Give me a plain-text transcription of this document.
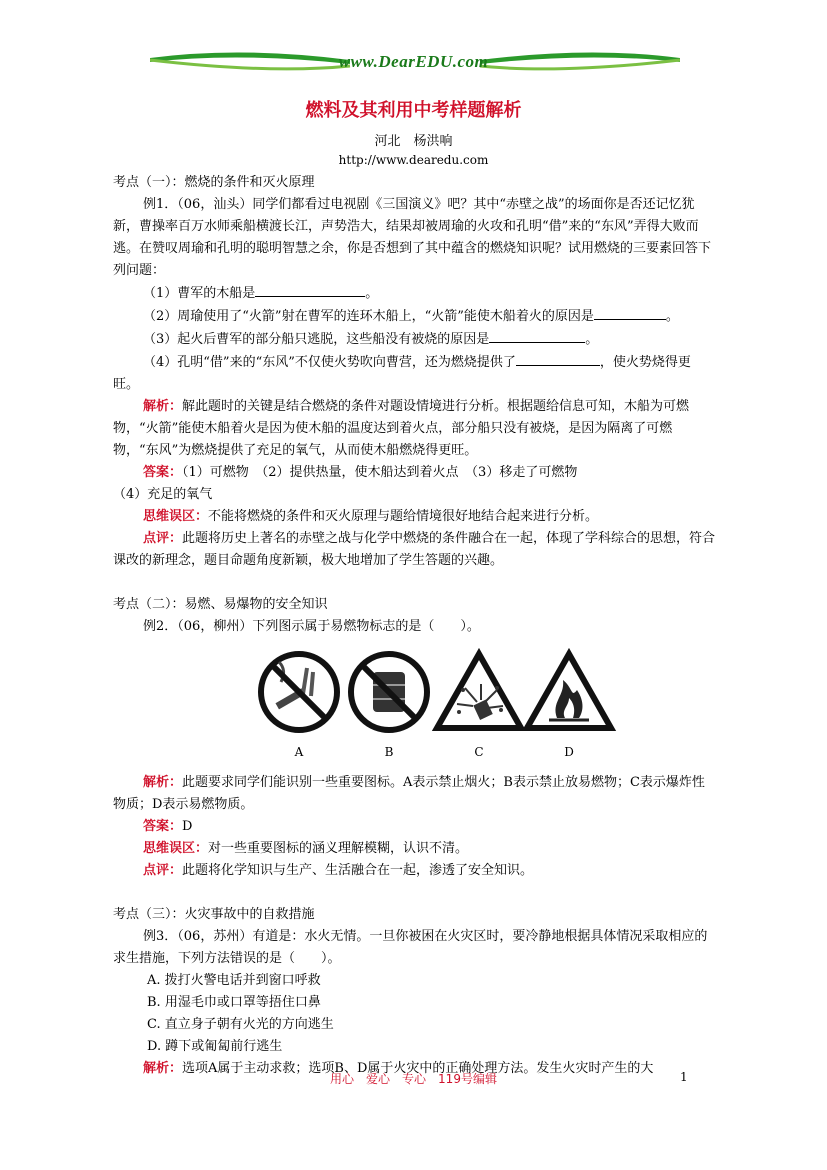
www.DearEDU.com
燃料及其利用中考样题解析
河北　杨洪响
http://www.dearedu.com

考点（一）：燃烧的条件和灭火原理

例1．（06，汕头）同学们都看过电视剧《三国演义》吧？其中“赤壁之战”的场面你是否还记忆犹新，曹操率百万水师乘船横渡长江，声势浩大，结果却被周瑜的火攻和孔明“借”来的“东风”弄得大败而逃。在赞叹周瑜和孔明的聪明智慧之余，你是否想到了其中蕴含的燃烧知识呢？试用燃烧的三要素回答下列问题：

（1）曹军的木船是	。

（2）周瑜使用了“火箭”射在曹军的连环木船上，“火箭”能使木船着火的原因是	。

（3）起火后曹军的部分船只逃脱，这些船没有被烧的原因是	。

（4）孔明“借”来的“东风”不仅使火势吹向曹营，还为燃烧提供了	，使火势烧得更旺。

解析：解此题时的关键是结合燃烧的条件对题设情境进行分析。根据题给信息可知，木船为可燃物，“火箭”能使木船着火是因为使木船的温度达到着火点，部分船只没有被烧，是因为隔离了可燃物，“东风”为燃烧提供了充足的氧气，从而使木船燃烧得更旺。

答案：（1）可燃物　（2）提供热量，使木船达到着火点　（3）移走了可燃物

（4）充足的氧气

思维误区：不能将燃烧的条件和灭火原理与题给情境很好地结合起来进行分析。

点评：此题将历史上著名的赤壁之战与化学中燃烧的条件融合在一起，体现了学科综合的思想，符合课改的新理念，题目命题角度新颖，极大地增加了学生答题的兴趣。

考点（二）：易燃、易爆物的安全知识

例2．（06，柳州）下列图示属于易燃物标志的是（　　）。

A	B	C	D

解析：此题要求同学们能识别一些重要图标。A表示禁止烟火；B表示禁止放易燃物；C表示爆炸性物质；D表示易燃物质。

答案：D

思维误区：对一些重要图标的涵义理解模糊，认识不清。

点评：此题将化学知识与生产、生活融合在一起，渗透了安全知识。

考点（三）：火灾事故中的自救措施

例3．（06，苏州）有道是：水火无情。一旦你被困在火灾区时，要冷静地根据具体情况采取相应的求生措施，下列方法错误的是（　　）。

A. 拨打火警电话并到窗口呼救

B. 用湿毛巾或口罩等捂住口鼻

C. 直立身子朝有火光的方向逃生

D. 蹲下或匍匐前行逃生

解析：选项A属于主动求救；选项B、D属于火灾中的正确处理方法。发生火灾时产生的大

用心　爱心　专心　119号编辑	1
